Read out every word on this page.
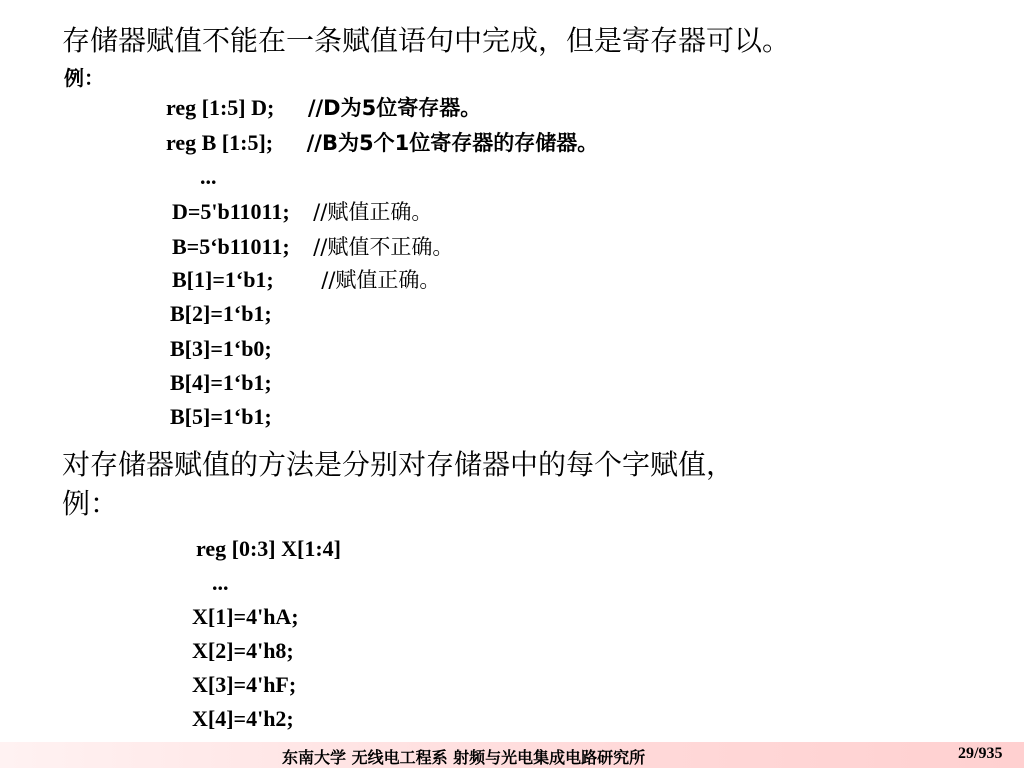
存储器赋值不能在一条赋值语句中完成，但是寄存器可以。
例：
reg [1:5] D; //D为5位寄存器。
reg B [1:5]; //B为5个1位寄存器的存储器。
...
D=5'b11011; //赋值正确。
B=5‘b11011; //赋值不正确。
B[1]=1‘b1; //赋值正确。
B[2]=1‘b1;
B[3]=1‘b0;
B[4]=1‘b1;
B[5]=1‘b1;
对存储器赋值的方法是分别对存储器中的每个字赋值，
例：
reg [0:3] X[1:4]
...
X[1]=4'hA;
X[2]=4'h8;
X[3]=4'hF;
X[4]=4'h2;
东南大学 无线电工程系 射频与光电集成电路研究所	29/935
